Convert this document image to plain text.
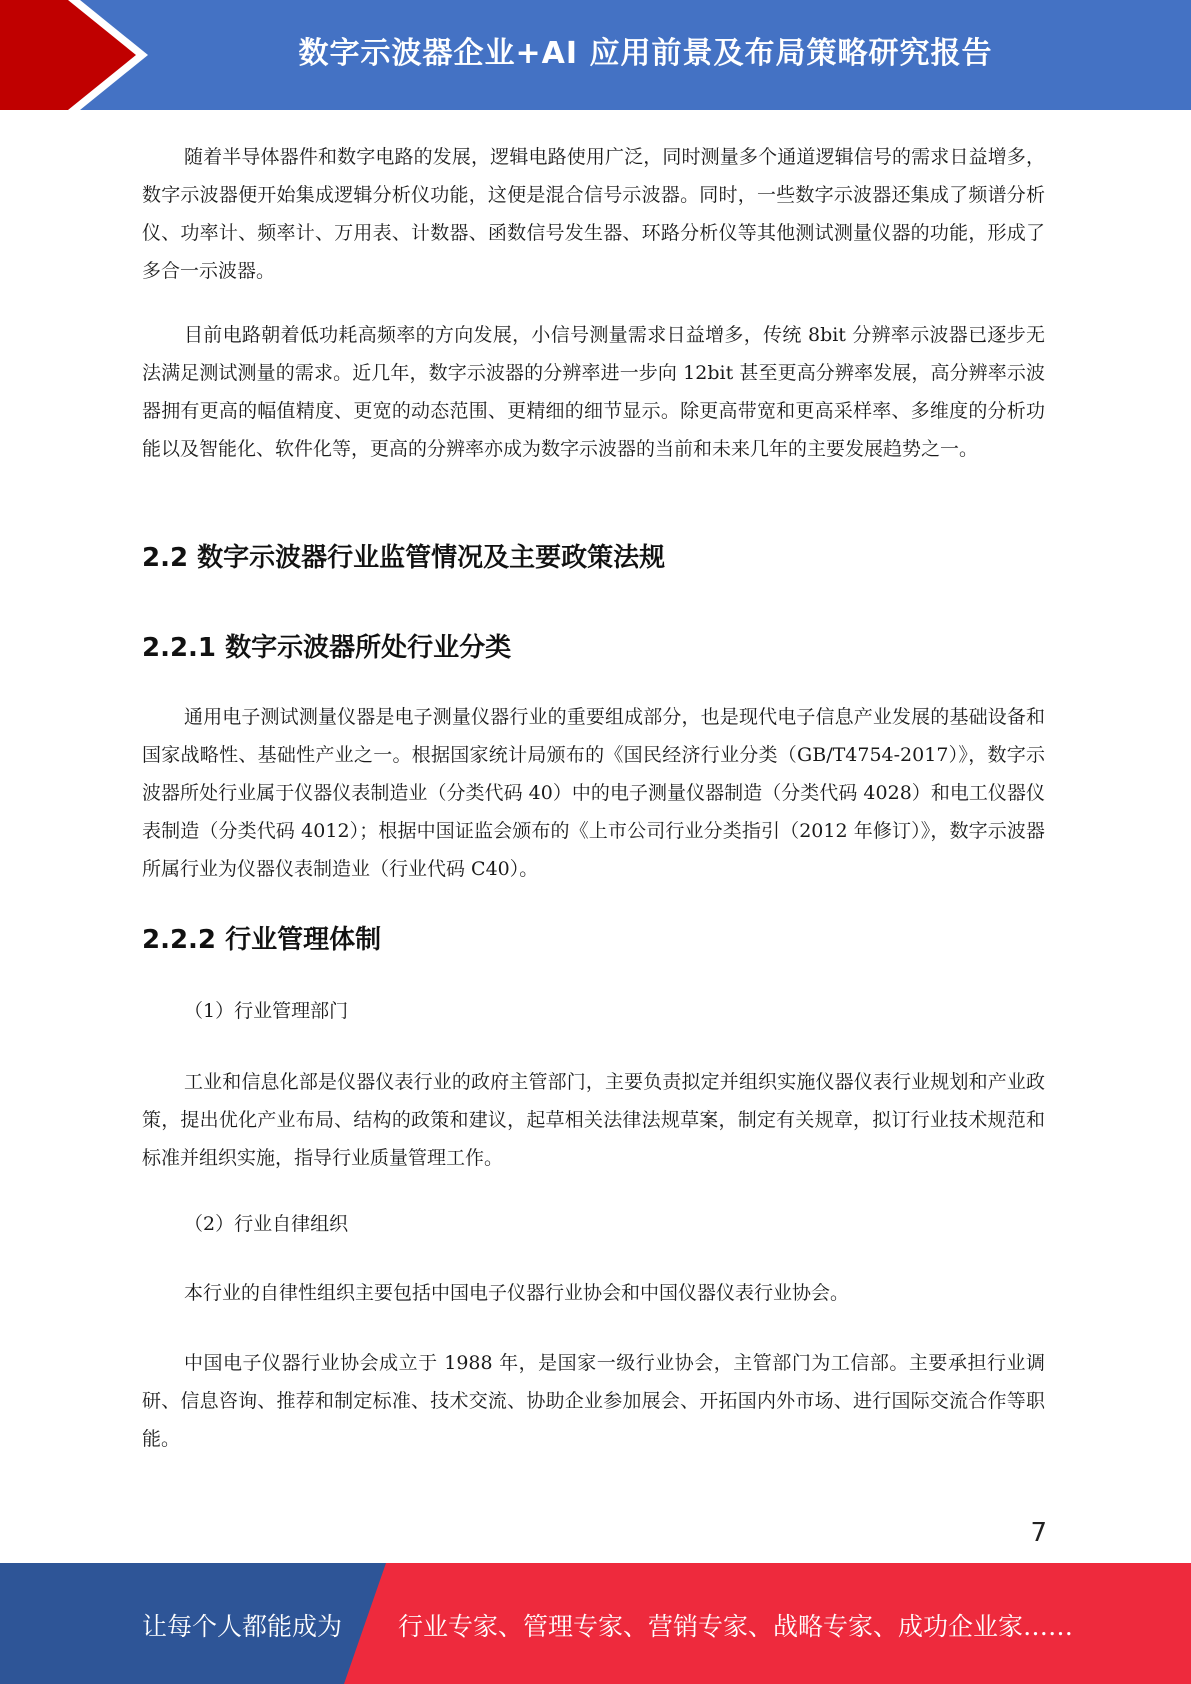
数字示波器企业+AI 应用前景及布局策略研究报告

随着半导体器件和数字电路的发展，逻辑电路使用广泛，同时测量多个通道逻辑信号的需求日益增多，数字示波器便开始集成逻辑分析仪功能，这便是混合信号示波器。同时，一些数字示波器还集成了频谱分析仪、功率计、频率计、万用表、计数器、函数信号发生器、环路分析仪等其他测试测量仪器的功能，形成了多合一示波器。

目前电路朝着低功耗高频率的方向发展，小信号测量需求日益增多，传统 8bit 分辨率示波器已逐步无法满足测试测量的需求。近几年，数字示波器的分辨率进一步向 12bit 甚至更高分辨率发展，高分辨率示波器拥有更高的幅值精度、更宽的动态范围、更精细的细节显示。除更高带宽和更高采样率、多维度的分析功能以及智能化、软件化等，更高的分辨率亦成为数字示波器的当前和未来几年的主要发展趋势之一。

2.2 数字示波器行业监管情况及主要政策法规
2.2.1 数字示波器所处行业分类

通用电子测试测量仪器是电子测量仪器行业的重要组成部分，也是现代电子信息产业发展的基础设备和国家战略性、基础性产业之一。根据国家统计局颁布的《国民经济行业分类（GB/T4754-2017）》，数字示波器所处行业属于仪器仪表制造业（分类代码 40）中的电子测量仪器制造（分类代码 4028）和电工仪器仪表制造（分类代码 4012）；根据中国证监会颁布的《上市公司行业分类指引（2012 年修订）》，数字示波器所属行业为仪器仪表制造业（行业代码 C40）。

2.2.2 行业管理体制

（1）行业管理部门

工业和信息化部是仪器仪表行业的政府主管部门，主要负责拟定并组织实施仪器仪表行业规划和产业政策，提出优化产业布局、结构的政策和建议，起草相关法律法规草案，制定有关规章，拟订行业技术规范和标准并组织实施，指导行业质量管理工作。

（2）行业自律组织

本行业的自律性组织主要包括中国电子仪器行业协会和中国仪器仪表行业协会。

中国电子仪器行业协会成立于 1988 年，是国家一级行业协会，主管部门为工信部。主要承担行业调研、信息咨询、推荐和制定标准、技术交流、协助企业参加展会、开拓国内外市场、进行国际交流合作等职能。

7
让每个人都能成为 行业专家、管理专家、营销专家、战略专家、成功企业家……
